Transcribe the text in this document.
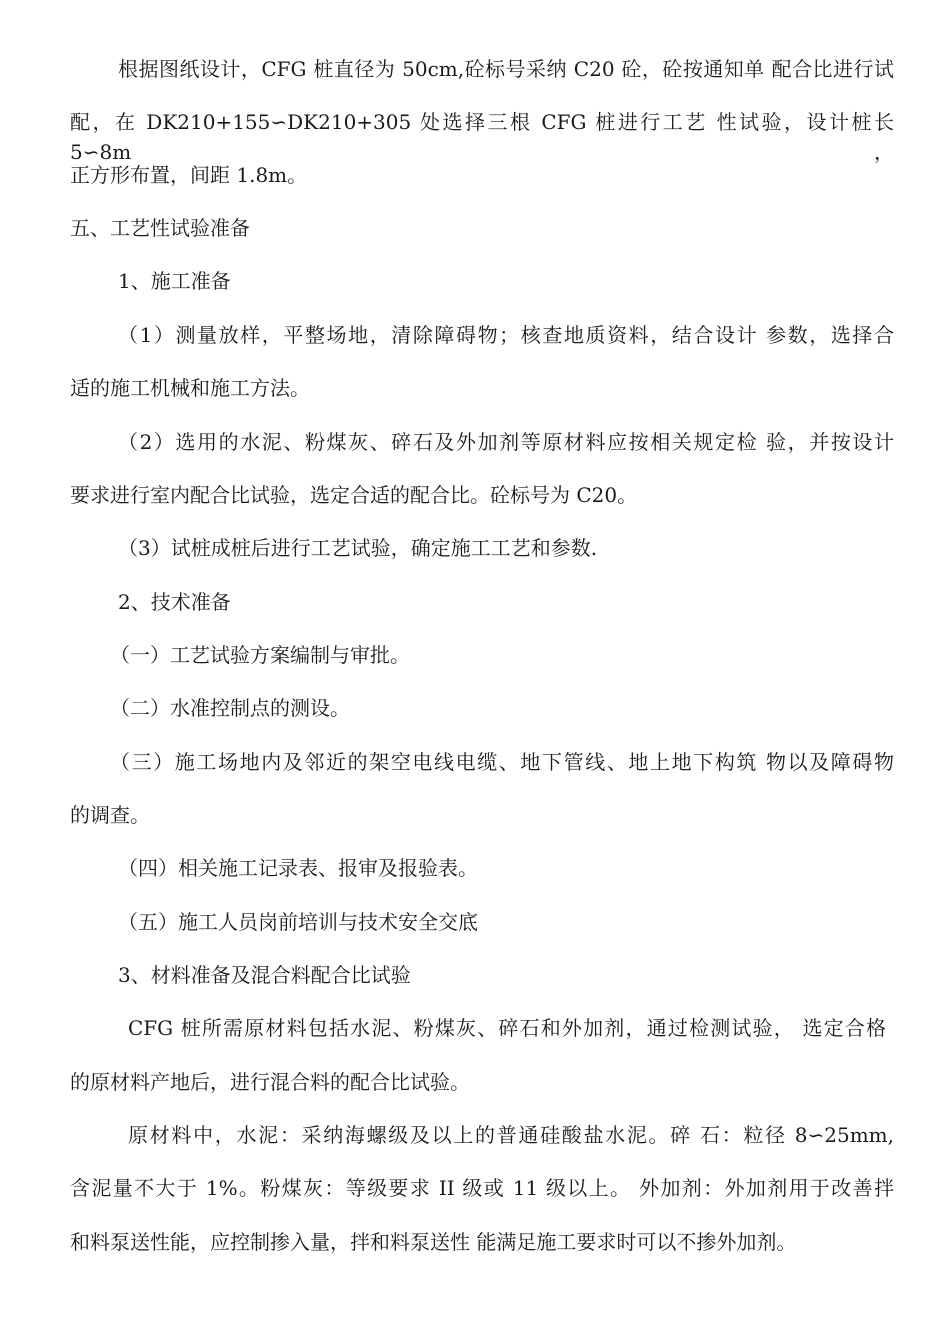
根据图纸设计，CFG 桩直径为 50cm,砼标号采纳 C20 砼，砼按通知单 配合比进行试
配，在 DK210+155∽DK210+305 处选择三根 CFG 桩进行工艺 性试验，设计桩长 5∽8m，
正方形布置，间距 1.8m。
五、工艺性试验准备
1、施工准备
（1）测量放样，平整场地，清除障碍物；核查地质资料，结合设计 参数，选择合
适的施工机械和施工方法。
（2）选用的水泥、粉煤灰、碎石及外加剂等原材料应按相关规定检 验，并按设计
要求进行室内配合比试验，选定合适的配合比。砼标号为 C20。
（3）试桩成桩后进行工艺试验，确定施工工艺和参数.
2、技术准备
（一）工艺试验方案编制与审批。
（二）水准控制点的测设。
（三）施工场地内及邻近的架空电线电缆、地下管线、地上地下构筑 物以及障碍物
的调查。
（四）相关施工记录表、报审及报验表。
（五）施工人员岗前培训与技术安全交底
3、材料准备及混合料配合比试验
CFG 桩所需原材料包括水泥、粉煤灰、碎石和外加剂，通过检测试验， 选定合格
的原材料产地后，进行混合料的配合比试验。
原材料中，水泥：采纳海螺级及以上的普通硅酸盐水泥。碎 石：粒径 8∽25mm,
含泥量不大于 1%。粉煤灰：等级要求 II 级或 11 级以上。 外加剂：外加剂用于改善拌
和料泵送性能，应控制掺入量，拌和料泵送性 能满足施工要求时可以不掺外加剂。
